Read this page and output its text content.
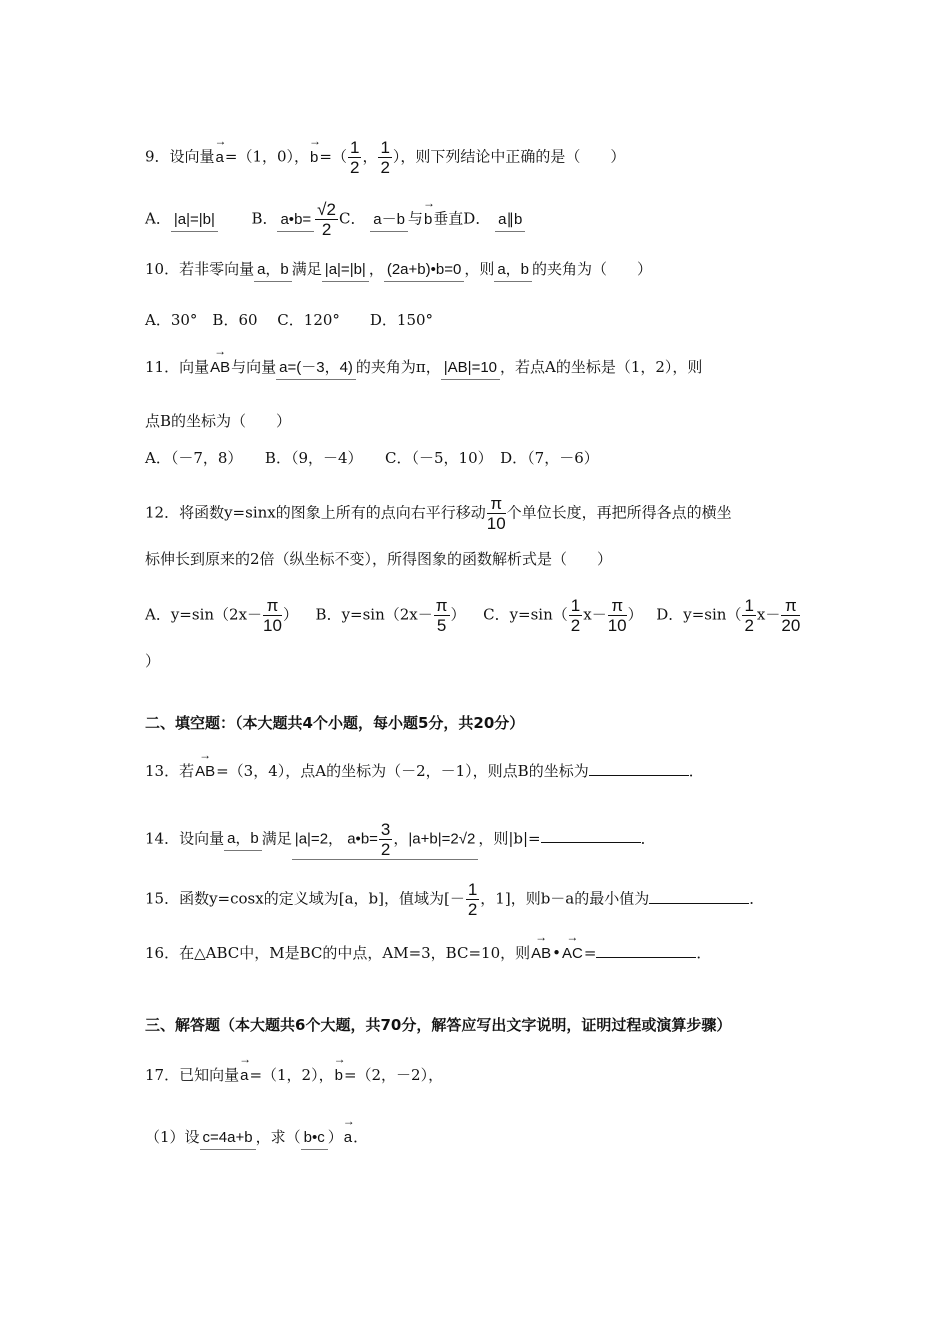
9．设向量→ a=（1，0），→ $b=( \frac{1}{2}$ ， $\frac{1}{2}$ ），则下列结论中正确的是（　　）
A． |a|=|b| B． a•b= $\frac{√2}{2}$ C． a－b 与→ b垂直D． a∥b
10．若非零向量 a，b 满足 |a|=|b| ， (2a+b)•b=0 ，则 a，b 的夹角为（　　）
A．30°　B．60　 C．120°　　D．150°
11．向量→ AB与向量 a=(－3，4) 的夹角为π， |AB|=10 ，若点A的坐标是（1，2），则
点B的坐标为（　　）
A．（－7，8）　　B．（9，－4）　　C．（－5，10）　D．（7，－6）
12．将函数y=sinx的图象上所有的点向右平行移动 $\frac{\pi}{10}$ 个单位长度，再把所得各点的横坐
标伸长到原来的2倍（纵坐标不变），所得图象的函数解析式是（　　）
A．$y=\sin(2x- \frac{\pi}{10}$ ） B．$y=\sin(2x- \frac{\pi}{5}$ ） C．$y=\sin( \frac{1}{2} x- \frac{\pi}{10}$ ） D．$y=\sin( \frac{1}{2} x- \frac{\pi}{20}$
）
二、填空题：（本大题共4个小题，每小题5分，共20分）
13．若→ AB=（3，4），点A的坐标为（－2，－1），则点B的坐标为	．
14．设向量 a，b 满足 |a|=2， a•b= $\frac{3}{2}$ ，|a+b|=2√2 ，则|b|=	．
15．函数y=cosx的定义域为[a，b]，值域为[－ $\frac{1}{2}$ ，1]，则b－a的最小值为	．
16．在△ABC中，M是BC的中点，AM=3，BC=10，则→ AB•→ AC=	．
三、解答题（本大题共6个大题，共70分，解答应写出文字说明，证明过程或演算步骤）
17．已知向量→ a=（1，2），→ b=（2，－2），
（1）设 c=4a+b ，求（ b•c ）→ a．
